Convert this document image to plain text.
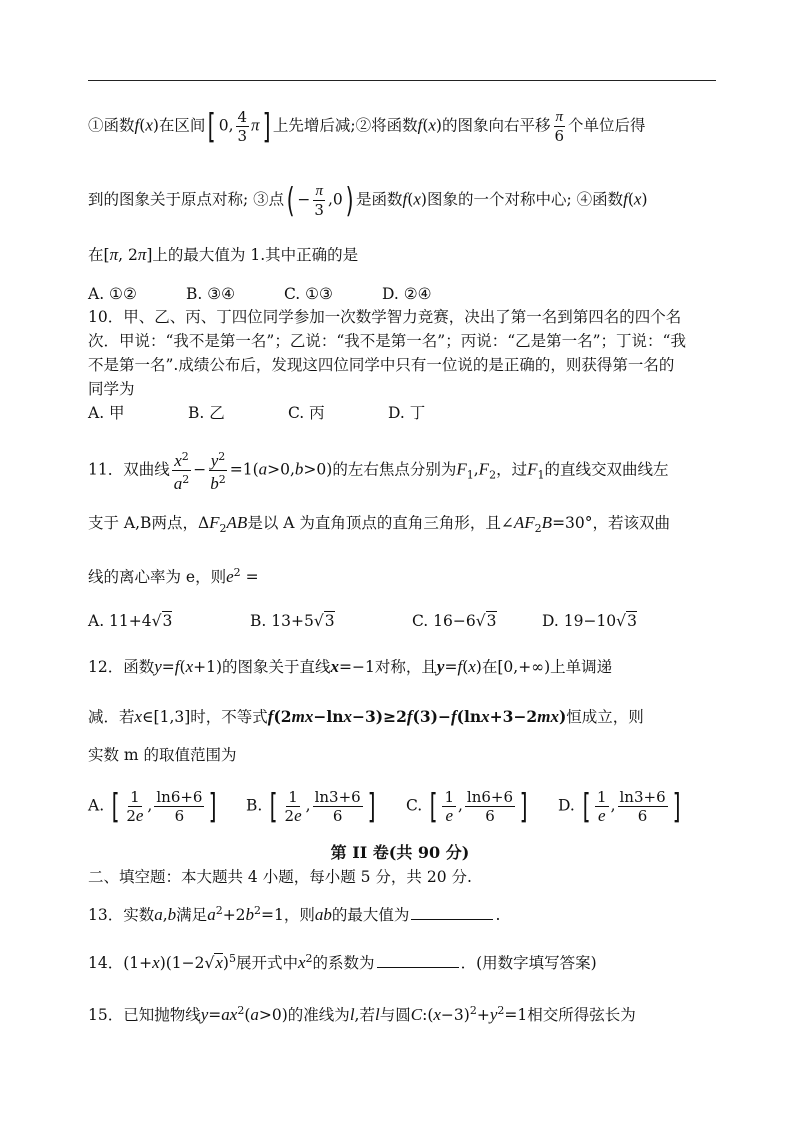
①函数f(x)在区间[ 0, $\frac{4}{3} \pi$] 上先增后减;②将函数f(x)的图象向右平移 $\frac{\pi}{6}$ 个单位后得
到的图象关于原点对称; ③点( − $\frac{\pi}{3} ,0$) 是函数f(x)图象的一个对称中心; ④函数f(x)
在[π, 2π]上的最大值为 1.其中正确的是
A. ①②	B. ③④	C. ①③	D. ②④
10．甲、乙、丙、丁四位同学参加一次数学智力竞赛，决出了第一名到第四名的四个名
次．甲说：“我不是第一名”；乙说：“我不是第一名”；丙说：“乙是第一名”；丁说：“我
不是第一名”.成绩公布后，发现这四位同学中只有一位说的是正确的，则获得第一名的
同学为
A. 甲	B. 乙	C. 丙	D. 丁
11．双曲线 $\frac{x^2}{a^2} - \frac{y^2}{b^2} =1(a>0,b>0)$的左右焦点分别为$F_1,F_2$，过$F_1$的直线交双曲线左
支于 A,B两点，$\Delta F_2AB$是以 A 为直角顶点的直角三角形，且$\angle AF_2B=30^\circ$，若该双曲
线的离心率为 e，则$e^2$ =
A. 11+4√3	B. 13+5√3	C. 16−6√3	D. 19−10√3
12．函数y=f(x+1)的图象关于直线x=−1对称，且y=f(x)在[0,+∞)上单调递
减．若x∈[1,3]时，不等式f(2mx−lnx−3)≥2f(3)−f(lnx+3−2mx)恒成立，则
实数 m 的取值范围为
A. [ $\frac{1}{2e}$ , $\frac{\ln 6+6}{6}$ ] B. [ $\frac{1}{2e}$ , $\frac{\ln 3+6}{6}$ ] C. [ $\frac{1}{e}$ , $\frac{\ln 6+6}{6}$ ] D. [ $\frac{1}{e}$ , $\frac{\ln 3+6}{6}$ ]
第 II 卷(共 90 分)
二、填空题：本大题共 4 小题，每小题 5 分，共 20 分.
13．实数a,b满足$a^2+2b^2=1$，则ab的最大值为	.
14．$(1+x)(1-2√x)^5$展开式中$x^2$的系数为	．(用数字填写答案)
15．已知抛物线$y=ax^2(a>0)$的准线为l,若l与圆$C:(x-3)^2+y^2=1$相交所得弦长为
